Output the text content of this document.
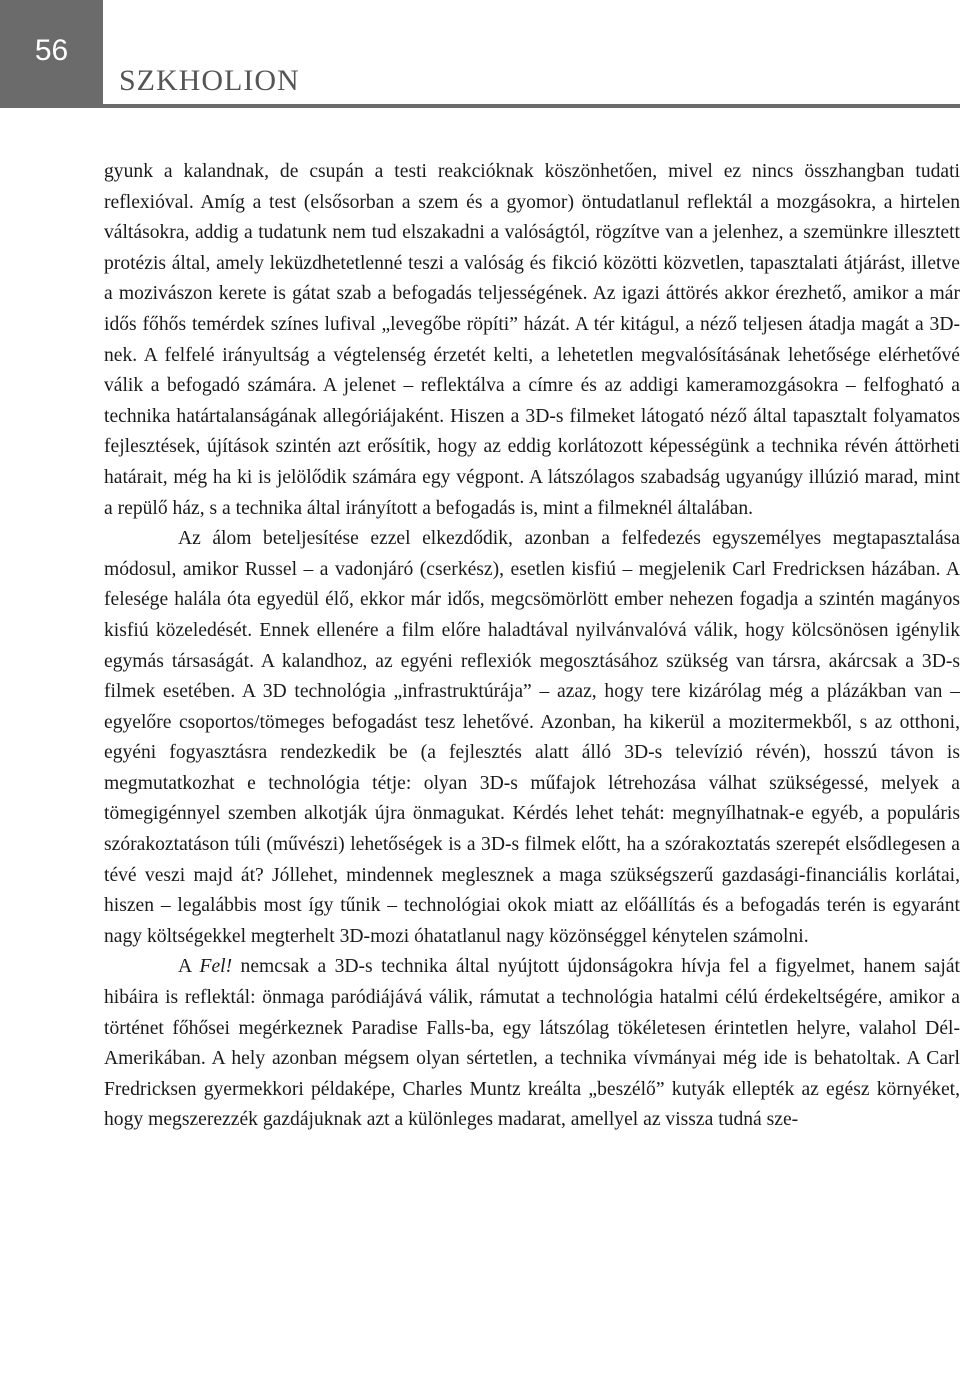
56
SZKHOLION

gyunk a kalandnak, de csupán a testi reakcióknak köszönhetően, mivel ez nincs összhangban tudati reflexióval. Amíg a test (elsősorban a szem és a gyomor) öntudatlanul reflektál a mozgásokra, a hirtelen váltásokra, addig a tudatunk nem tud elszakadni a valóságtól, rögzítve van a jelenhez, a szemünkre illesztett protézis által, amely leküzdhetetlenné teszi a valóság és fikció közötti közvetlen, tapasztalati átjárást, illetve a mozivászon kerete is gátat szab a befogadás teljességének. Az igazi áttörés akkor érezhető, amikor a már idős főhős temérdek színes lufival „levegőbe röpíti” házát. A tér kitágul, a néző teljesen átadja magát a 3D-nek. A felfelé irányultság a végtelenség érzetét kelti, a lehetetlen megvalósításának lehetősége elérhetővé válik a befogadó számára. A jelenet – reflektálva a címre és az addigi kameramozgásokra – felfogható a technika határtalanságának allegóriájaként. Hiszen a 3D-s filmeket látogató néző által tapasztalt folyamatos fejlesztések, újítások szintén azt erősítik, hogy az eddig korlátozott képességünk a technika révén áttörheti határait, még ha ki is jelölődik számára egy végpont. A látszólagos szabadság ugyanúgy illúzió marad, mint a repülő ház, s a technika által irányított a befogadás is, mint a filmeknél általában.

Az álom beteljesítése ezzel elkezdődik, azonban a felfedezés egyszemélyes megtapasztalása módosul, amikor Russel – a vadonjáró (cserkész), esetlen kisfiú – megjelenik Carl Fredricksen házában. A felesége halála óta egyedül élő, ekkor már idős, megcsömörlött ember nehezen fogadja a szintén magányos kisfiú közeledését. Ennek ellenére a film előre haladtával nyilvánvalóvá válik, hogy kölcsönösen igénylik egymás társaságát. A kalandhoz, az egyéni reflexiók megosztásához szükség van társra, akárcsak a 3D-s filmek esetében. A 3D technológia „infrastruktúrája” – azaz, hogy tere kizárólag még a plázákban van – egyelőre csoportos/tömeges befogadást tesz lehetővé. Azonban, ha kikerül a mozitermekből, s az otthoni, egyéni fogyasztásra rendezkedik be (a fejlesztés alatt álló 3D-s televízió révén), hosszú távon is megmutatkozhat e technológia tétje: olyan 3D-s műfajok létrehozása válhat szükségessé, melyek a tömegigénnyel szemben alkotják újra önmagukat. Kérdés lehet tehát: megnyílhatnak-e egyéb, a populáris szórakoztatáson túli (művészi) lehetőségek is a 3D-s filmek előtt, ha a szórakoztatás szerepét elsődlegesen a tévé veszi majd át? Jóllehet, mindennek meglesznek a maga szükségszerű gazdasági-financiális korlátai, hiszen – legalábbis most így tűnik – technológiai okok miatt az előállítás és a befogadás terén is egyaránt nagy költségekkel megterhelt 3D-mozi óhatatlanul nagy közönséggel kénytelen számolni.

A Fel! nemcsak a 3D-s technika által nyújtott újdonságokra hívja fel a figyelmet, hanem saját hibáira is reflektál: önmaga paródiájává válik, rámutat a technológia hatalmi célú érdekeltségére, amikor a történet főhősei megérkeznek Paradise Falls-ba, egy látszólag tökéletesen érintetlen helyre, valahol Dél-Amerikában. A hely azonban mégsem olyan sértetlen, a technika vívmányai még ide is behatoltak. A Carl Fredricksen gyermekkori példaképe, Charles Muntz kreálta „beszélő” kutyák ellepték az egész környéket, hogy megszerezzék gazdájuknak azt a különleges madarat, amellyel az vissza tudná sze-
